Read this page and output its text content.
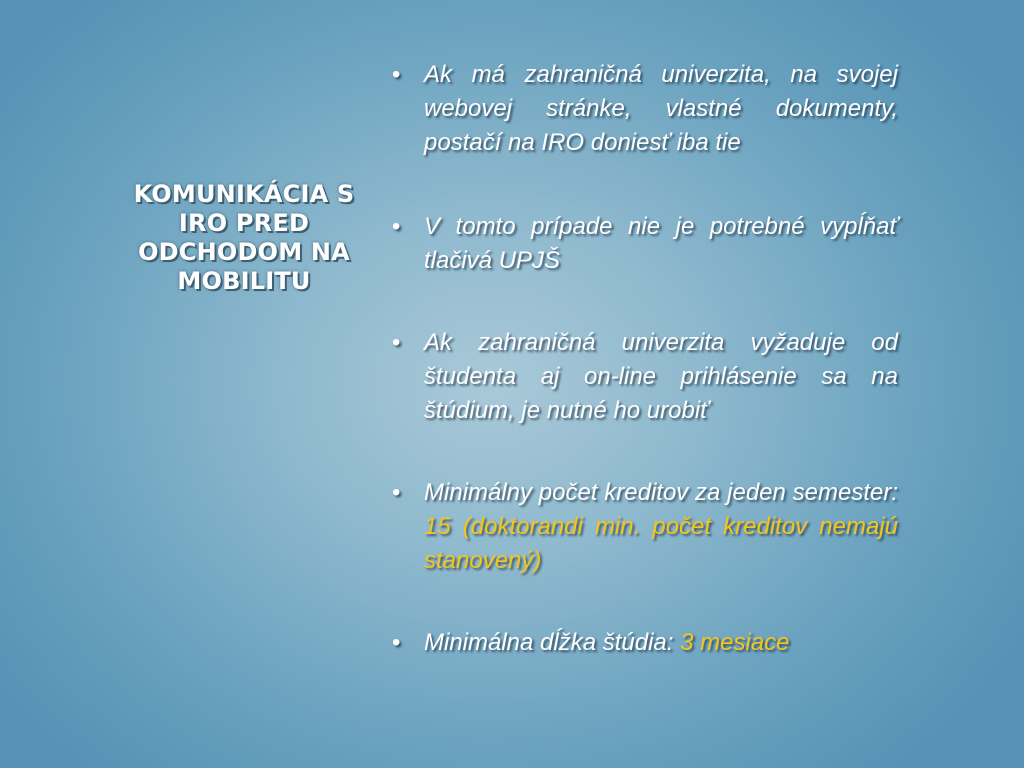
KOMUNIKÁCIA S IRO PRED ODCHODOM NA MOBILITU
• Ak má zahraničná univerzita, na svojej webovej stránke, vlastné dokumenty, postačí na IRO doniesť iba tie
• V tomto prípade nie je potrebné vypĺňať tlačivá UPJŠ
• Ak zahraničná univerzita vyžaduje od študenta aj on-line prihlásenie sa na štúdium, je nutné ho urobiť
• Minimálny počet kreditov za jeden semester: 15 (doktorandi min. počet kreditov nemajú stanovený)
• Minimálna dĺžka štúdia: 3 mesiace
